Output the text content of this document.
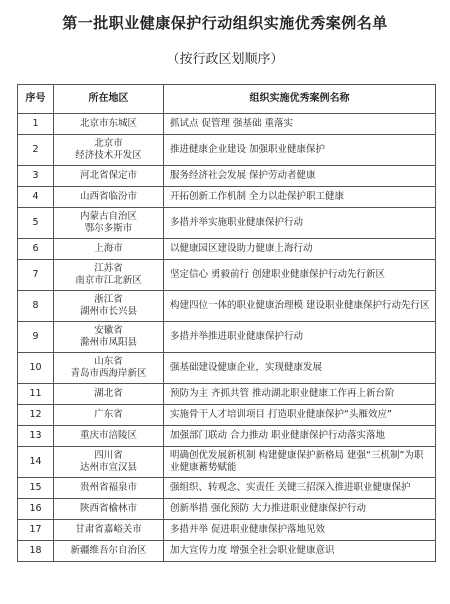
第一批职业健康保护行动组织实施优秀案例名单
（按行政区划顺序）
序号	所在地区	组织实施优秀案例名称
1	北京市东城区	抓试点 促管理 强基础 重落实
2	北京市
经济技术开发区	推进健康企业建设 加强职业健康保护
3	河北省保定市	服务经济社会发展 保护劳动者健康
4	山西省临汾市	开拓创新工作机制 全力以赴保护职工健康
5	内蒙古自治区
鄂尔多斯市	多措并举实施职业健康保护行动
6	上海市	以健康园区建设助力健康上海行动
7	江苏省
南京市江北新区	坚定信心 勇毅前行 创建职业健康保护行动先行新区
8	浙江省
湖州市长兴县	构建四位一体的职业健康治理模 建设职业健康保护行动先行区
9	安徽省
滁州市凤阳县	多措并举推进职业健康保护行动
10	山东省
青岛市西海岸新区	强基础建设健康企业，实现健康发展
11	湖北省	预防为主 齐抓共管 推动湖北职业健康工作再上新台阶
12	广东省	实施骨干人才培训项目 打造职业健康保护“头雁效应”
13	重庆市涪陵区	加强部门联动 合力推动 职业健康保护行动落实落地
14	四川省
达州市宣汉县	明确创优发展新机制 构建健康保护新格局 建强“三机制”为职业健康蓄势赋能
15	贵州省福泉市	强组织、转观念、实责任 关键三招深入推进职业健康保护
16	陕西省榆林市	创新举措 强化预防 大力推进职业健康保护行动
17	甘肃省嘉峪关市	多措并举 促进职业健康保护落地见效
18	新疆维吾尔自治区	加大宣传力度 增强全社会职业健康意识
